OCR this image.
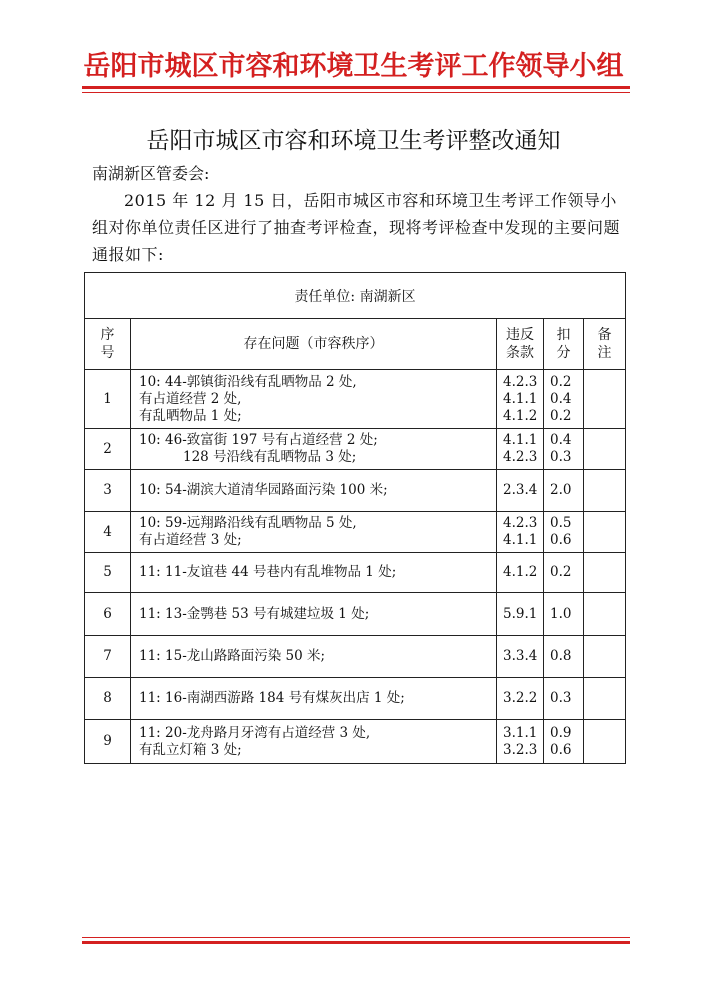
岳阳市城区市容和环境卫生考评工作领导小组
岳阳市城区市容和环境卫生考评整改通知
南湖新区管委会:

2015 年 12 月 15 日，岳阳市城区市容和环境卫生考评工作领导小组对你单位责任区进行了抽查考评检查，现将考评检查中发现的主要问题通报如下:

责任单位: 南湖新区				
序号	存在问题（市容秩序）	违反条款	扣分	备注
1	10: 44-郭镇街沿线有乱晒物品 2 处,
有占道经营 2 处,
有乱晒物品 1 处;	4.2.3
4.1.1
4.1.2	0.2
0.4
0.2	

2	10: 46-致富街 197 号有占道经营 2 处;
128 号沿线有乱晒物品 3 处;	4.1.1
4.2.3	0.4
0.3	

3	10: 54-湖滨大道清华园路面污染 100 米;	2.3.4	2.0	

4	10: 59-远翔路沿线有乱晒物品 5 处,
有占道经营 3 处;	4.2.3
4.1.1	0.5
0.6	

5	11: 11-友谊巷 44 号巷内有乱堆物品 1 处;	4.1.2	0.2	

6	11: 13-金鹗巷 53 号有城建垃圾 1 处;	5.9.1	1.0	

7	11: 15-龙山路路面污染 50 米;	3.3.4	0.8	

8	11: 16-南湖西游路 184 号有煤灰出店 1 处;	3.2.2	0.3	

9	11: 20-龙舟路月牙湾有占道经营 3 处,
有乱立灯箱 3 处;	3.1.1
3.2.3	0.9
0.6	
